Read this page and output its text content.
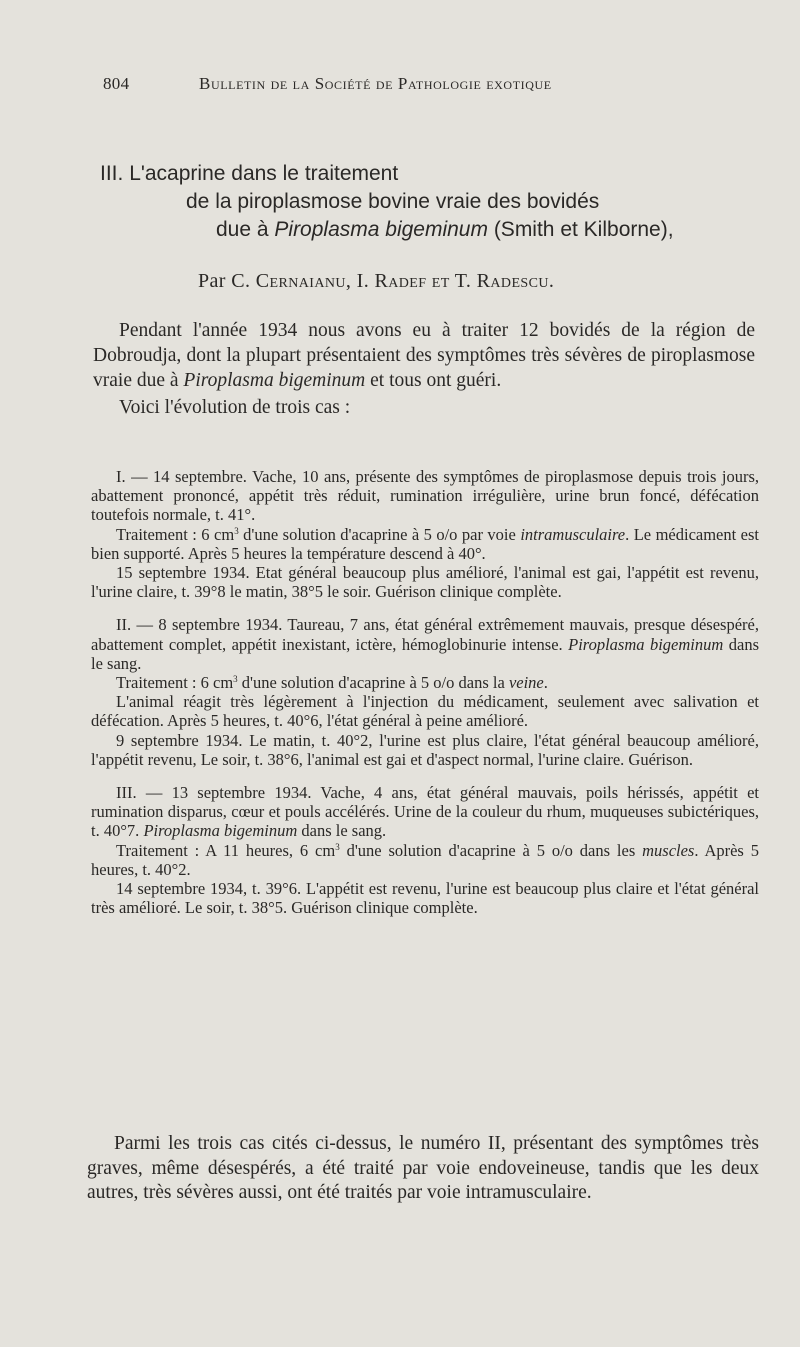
804	Bulletin de la Société de Pathologie exotique
III. L'acaprine dans le traitement
de la piroplasmose bovine vraie des bovidés
due à Piroplasma bigeminum (Smith et Kilborne),
Par C. Cernaianu, I. Radef et T. Radescu.

Pendant l'année 1934 nous avons eu à traiter 12 bovidés de la région de Dobroudja, dont la plupart présentaient des symptômes très sévères de piroplasmose vraie due à Piroplasma bigeminum et tous ont guéri.

Voici l'évolution de trois cas :

I. — 14 septembre. Vache, 10 ans, présente des symptômes de piroplasmose depuis trois jours, abattement prononcé, appétit très réduit, rumination irrégulière, urine brun foncé, défécation toutefois normale, t. 41°.

Traitement : 6 $cm^3$ d'une solution d'acaprine à 5 o/o par voie intramusculaire. Le médicament est bien supporté. Après 5 heures la température descend à 40°.

15 septembre 1934. Etat général beaucoup plus amélioré, l'animal est gai, l'appétit est revenu, l'urine claire, t. 39°8 le matin, 38°5 le soir. Guérison clinique complète.

II. — 8 septembre 1934. Taureau, 7 ans, état général extrêmement mauvais, presque désespéré, abattement complet, appétit inexistant, ictère, hémoglobinurie intense. Piroplasma bigeminum dans le sang.

Traitement : 6 $cm^3$ d'une solution d'acaprine à 5 o/o dans la veine.

L'animal réagit très légèrement à l'injection du médicament, seulement avec salivation et défécation. Après 5 heures, t. 40°6, l'état général à peine amélioré.

9 septembre 1934. Le matin, t. 40°2, l'urine est plus claire, l'état général beaucoup amélioré, l'appétit revenu, Le soir, t. 38°6, l'animal est gai et d'aspect normal, l'urine claire. Guérison.

III. — 13 septembre 1934. Vache, 4 ans, état général mauvais, poils hérissés, appétit et rumination disparus, cœur et pouls accélérés. Urine de la couleur du rhum, muqueuses subictériques, t. 40°7. Piroplasma bigeminum dans le sang.

Traitement : A 11 heures, 6 $cm^3$ d'une solution d'acaprine à 5 o/o dans les muscles. Après 5 heures, t. 40°2.

14 septembre 1934, t. 39°6. L'appétit est revenu, l'urine est beaucoup plus claire et l'état général très amélioré. Le soir, t. 38°5. Guérison clinique complète.

Parmi les trois cas cités ci-dessus, le numéro II, présentant des symptômes très graves, même désespérés, a été traité par voie endoveineuse, tandis que les deux autres, très sévères aussi, ont été traités par voie intramusculaire.
